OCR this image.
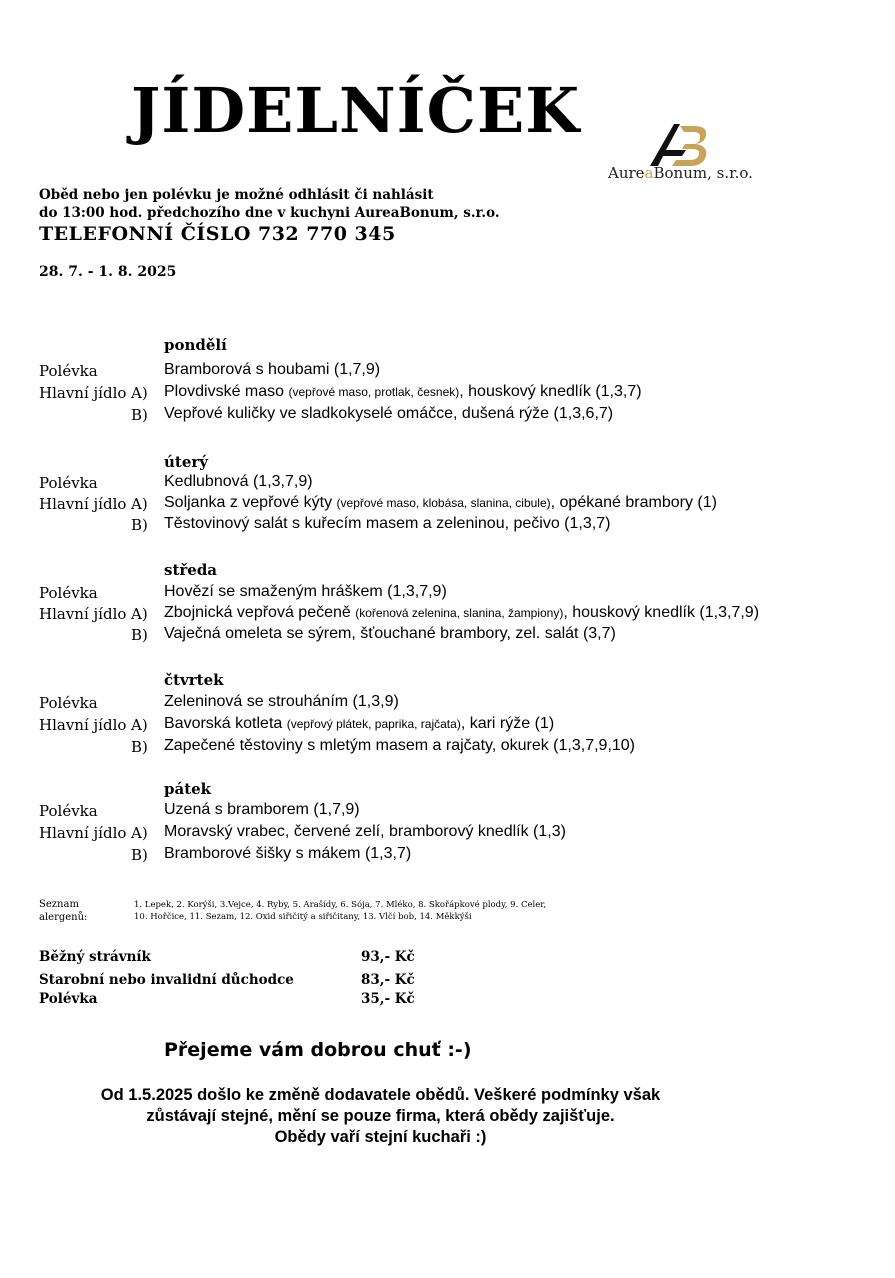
JÍDELNÍČEK
AureaBonum, s.r.o.
Oběd nebo jen polévku je možné odhlásit či nahlásit
do 13:00 hod. předchozího dne v kuchyni AureaBonum, s.r.o.
TELEFONNÍ ČÍSLO 732 770 345
28. 7. - 1. 8. 2025
pondělí
Polévka	Bramborová s houbami (1,7,9)
Hlavní jídlo A) Plovdivské maso (vepřové maso, protlak, česnek), houskový knedlík (1,3,7)
B) Vepřové kuličky ve sladkokyselé omáčce, dušená rýže (1,3,6,7)
úterý
Polévka	Kedlubnová (1,3,7,9)
Hlavní jídlo A) Soljanka z vepřové kýty (vepřové maso, klobása, slanina, cibule), opékané brambory (1)
B) Těstovinový salát s kuřecím masem a zeleninou, pečivo (1,3,7)
středa
Polévka	Hovězí se smaženým hráškem (1,3,7,9)
Hlavní jídlo A) Zbojnická vepřová pečeně (kořenová zelenina, slanina, žampiony), houskový knedlík (1,3,7,9)
B) Vaječná omeleta se sýrem, šťouchané brambory, zel. salát (3,7)
čtvrtek
Polévka	Zeleninová se strouháním (1,3,9)
Hlavní jídlo A) Bavorská kotleta (vepřový plátek, paprika, rajčata), kari rýže (1)
B) Zapečené těstoviny s mletým masem a rajčaty, okurek (1,3,7,9,10)
pátek
Polévka	Uzená s bramborem (1,7,9)
Hlavní jídlo A) Moravský vrabec, červené zelí, bramborový knedlík (1,3)
B) Bramborové šišky s mákem (1,3,7)
Seznam
alergenů:
1. Lepek, 2. Korýši, 3.Vejce, 4. Ryby, 5. Arašídy, 6. Sója, 7. Mléko, 8. Skořápkové plody, 9. Celer,
10. Hořčice, 11. Sezam, 12. Oxid siřičitý a siřičitany, 13. Vlčí bob, 14. Měkkýši
Běžný strávník	93,- Kč
Starobní nebo invalidní důchodce	83,- Kč
Polévka	35,- Kč
Přejeme vám dobrou chuť :-)
Od 1.5.2025 došlo ke změně dodavatele obědů. Veškeré podmínky však
zůstávají stejné, mění se pouze firma, která obědy zajišťuje.
Obědy vaří stejní kuchaři :)
